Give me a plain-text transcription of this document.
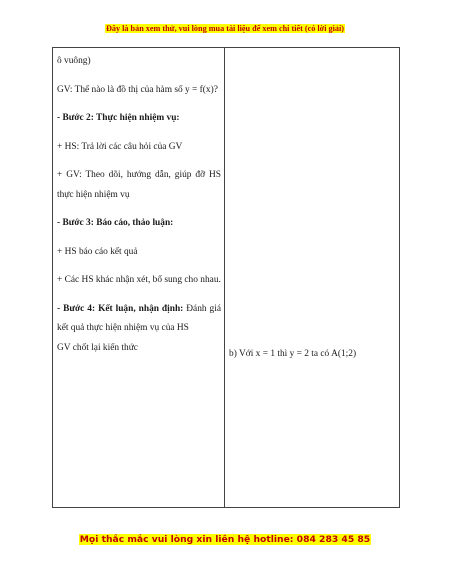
Đây là bản xem thử, vui lòng mua tài liệu để xem chi tiết (có lời giải)

ô vuông)

GV: Thế nào là đồ thị của hàm số y = f(x)?

- Bước 2: Thực hiện nhiệm vụ:

+ HS: Trả lời các câu hỏi của GV

+ GV: Theo dõi, hướng dẫn, giúp đỡ HS thực hiện nhiệm vụ

- Bước 3: Báo cáo, thảo luận:

+ HS báo cáo kết quả

+ Các HS khác nhận xét, bổ sung cho nhau.

- Bước 4: Kết luận, nhận định: Đánh giá kết quả thực hiện nhiệm vụ của HS

GV chốt lại kiến thức

b) Với x = 1 thì y = 2 ta có A(1;2)
Mọi thắc mắc vui lòng xin liên hệ hotline: 084 283 45 85
